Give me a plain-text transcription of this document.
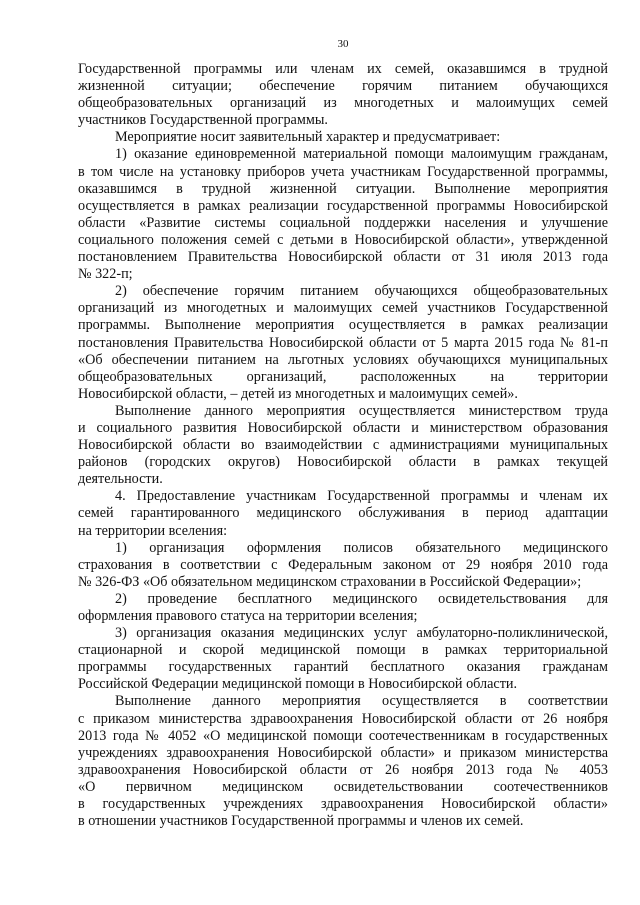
30
Государственной программы или членам их семей, оказавшимся в трудной
жизненной ситуации; обеспечение горячим питанием обучающихся
общеобразовательных организаций из многодетных и малоимущих семей
участников Государственной программы.
Мероприятие носит заявительный характер и предусматривает:
1) оказание единовременной материальной помощи малоимущим гражданам,
в том числе на установку приборов учета участникам Государственной программы,
оказавшимся в трудной жизненной ситуации. Выполнение мероприятия
осуществляется в рамках реализации государственной программы Новосибирской
области «Развитие системы социальной поддержки населения и улучшение
социального положения семей с детьми в Новосибирской области», утвержденной
постановлением Правительства Новосибирской области от 31 июля 2013 года
№ 322-п;
2) обеспечение горячим питанием обучающихся общеобразовательных
организаций из многодетных и малоимущих семей участников Государственной
программы. Выполнение мероприятия осуществляется в рамках реализации
постановления Правительства Новосибирской области от 5 марта 2015 года № 81-п
«Об обеспечении питанием на льготных условиях обучающихся муниципальных
общеобразовательных организаций, расположенных на территории
Новосибирской области, – детей из многодетных и малоимущих семей».
Выполнение данного мероприятия осуществляется министерством труда
и социального развития Новосибирской области и министерством образования
Новосибирской области во взаимодействии с администрациями муниципальных
районов (городских округов) Новосибирской области в рамках текущей
деятельности.
4. Предоставление участникам Государственной программы и членам их
семей гарантированного медицинского обслуживания в период адаптации
на территории вселения:
1) организация оформления полисов обязательного медицинского
страхования в соответствии с Федеральным законом от 29 ноября 2010 года
№ 326-ФЗ «Об обязательном медицинском страховании в Российской Федерации»;
2) проведение бесплатного медицинского освидетельствования для
оформления правового статуса на территории вселения;
3) организация оказания медицинских услуг амбулаторно-поликлинической,
стационарной и скорой медицинской помощи в рамках территориальной
программы государственных гарантий бесплатного оказания гражданам
Российской Федерации медицинской помощи в Новосибирской области.
Выполнение данного мероприятия осуществляется в соответствии
с приказом министерства здравоохранения Новосибирской области от 26 ноября
2013 года № 4052 «О медицинской помощи соотечественникам в государственных
учреждениях здравоохранения Новосибирской области» и приказом министерства
здравоохранения Новосибирской области от 26 ноября 2013 года № 4053
«О первичном медицинском освидетельствовании соотечественников
в государственных учреждениях здравоохранения Новосибирской области»
в отношении участников Государственной программы и членов их семей.
